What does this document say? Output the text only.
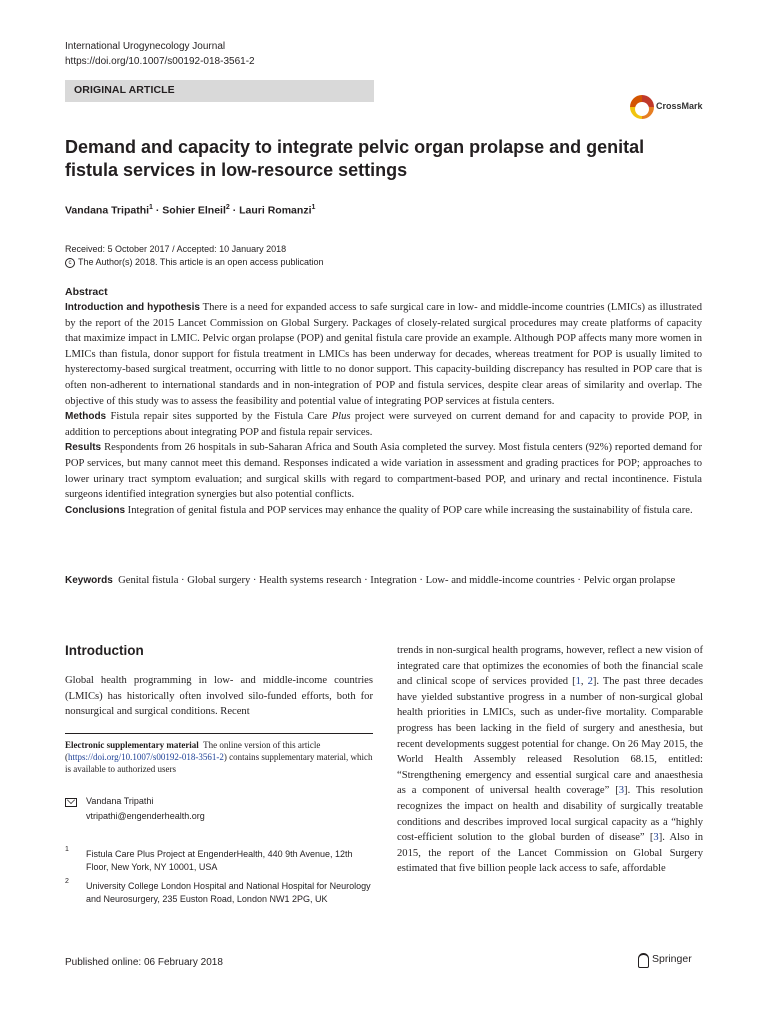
International Urogynecology Journal
https://doi.org/10.1007/s00192-018-3561-2
ORIGINAL ARTICLE
CrossMark
Demand and capacity to integrate pelvic organ prolapse and genital fistula services in low-resource settings
Vandana Tripathi$^1$ · Sohier Elneil$^2$ · Lauri Romanzi$^1$
Received: 5 October 2017 / Accepted: 10 January 2018
c The Author(s) 2018. This article is an open access publication
Abstract

Introduction and hypothesis There is a need for expanded access to safe surgical care in low- and middle-income countries (LMICs) as illustrated by the report of the 2015 Lancet Commission on Global Surgery. Packages of closely-related surgical procedures may create platforms of capacity that maximize impact in LMIC. Pelvic organ prolapse (POP) and genital fistula care provide an example. Although POP affects many more women in LMICs than fistula, donor support for fistula treatment in LMICs has been underway for decades, whereas treatment for POP is usually limited to hysterectomy-based surgical treatment, occurring with little to no donor support. This capacity-building discrepancy has resulted in POP care that is often non-adherent to international standards and in non-integration of POP and fistula services, despite clear areas of similarity and overlap. The objective of this study was to assess the feasibility and potential value of integrating POP services at fistula centers.

Methods Fistula repair sites supported by the Fistula Care Plus project were surveyed on current demand for and capacity to provide POP, in addition to perceptions about integrating POP and fistula repair services.

Results Respondents from 26 hospitals in sub-Saharan Africa and South Asia completed the survey. Most fistula centers (92%) reported demand for POP services, but many cannot meet this demand. Responses indicated a wide variation in assessment and grading practices for POP; approaches to lower urinary tract symptom evaluation; and surgical skills with regard to compartment-based POP, and urinary and rectal incontinence. Fistula surgeons identified integration synergies but also potential conflicts.

Conclusions Integration of genital fistula and POP services may enhance the quality of POP care while increasing the sustainability of fistula care.

Keywords Genital fistula · Global surgery · Health systems research · Integration · Low- and middle-income countries · Pelvic organ prolapse

Introduction

Global health programming in low- and middle-income countries (LMICs) has historically often involved silo-funded efforts, both for nonsurgical and surgical conditions. Recent

trends in non-surgical health programs, however, reflect a new vision of integrated care that optimizes the economies of both the financial scale and clinical scope of services provided [1, 2]. The past three decades have yielded substantive progress in a number of non-surgical global health priorities in LMICs, such as under-five mortality. Comparable progress has been lacking in the field of surgery and anesthesia, but recent developments suggest potential for change. On 26 May 2015, the World Health Assembly released Resolution 68.15, entitled: “Strengthening emergency and essential surgical care and anaesthesia as a component of universal health coverage” [3]. This resolution recognizes the impact on health and disability of surgically treatable conditions and describes improved local surgical capacity as a “highly cost-efficient solution to the global burden of disease” [3]. Also in 2015, the report of the Lancet Commission on Global Surgery estimated that five billion people lack access to safe, affordable

Electronic supplementary material The online version of this article (https://doi.org/10.1007/s00192-018-3561-2) contains supplementary material, which is available to authorized users

Vandana Tripathi
vtripathi@engenderhealth.org
1 Fistula Care Plus Project at EngenderHealth, 440 9th Avenue, 12th Floor, New York, NY 10001, USA

2 University College London Hospital and National Hospital for Neurology and Neurosurgery, 235 Euston Road, London NW1 2PG, UK

Published online: 06 February 2018	Springer
